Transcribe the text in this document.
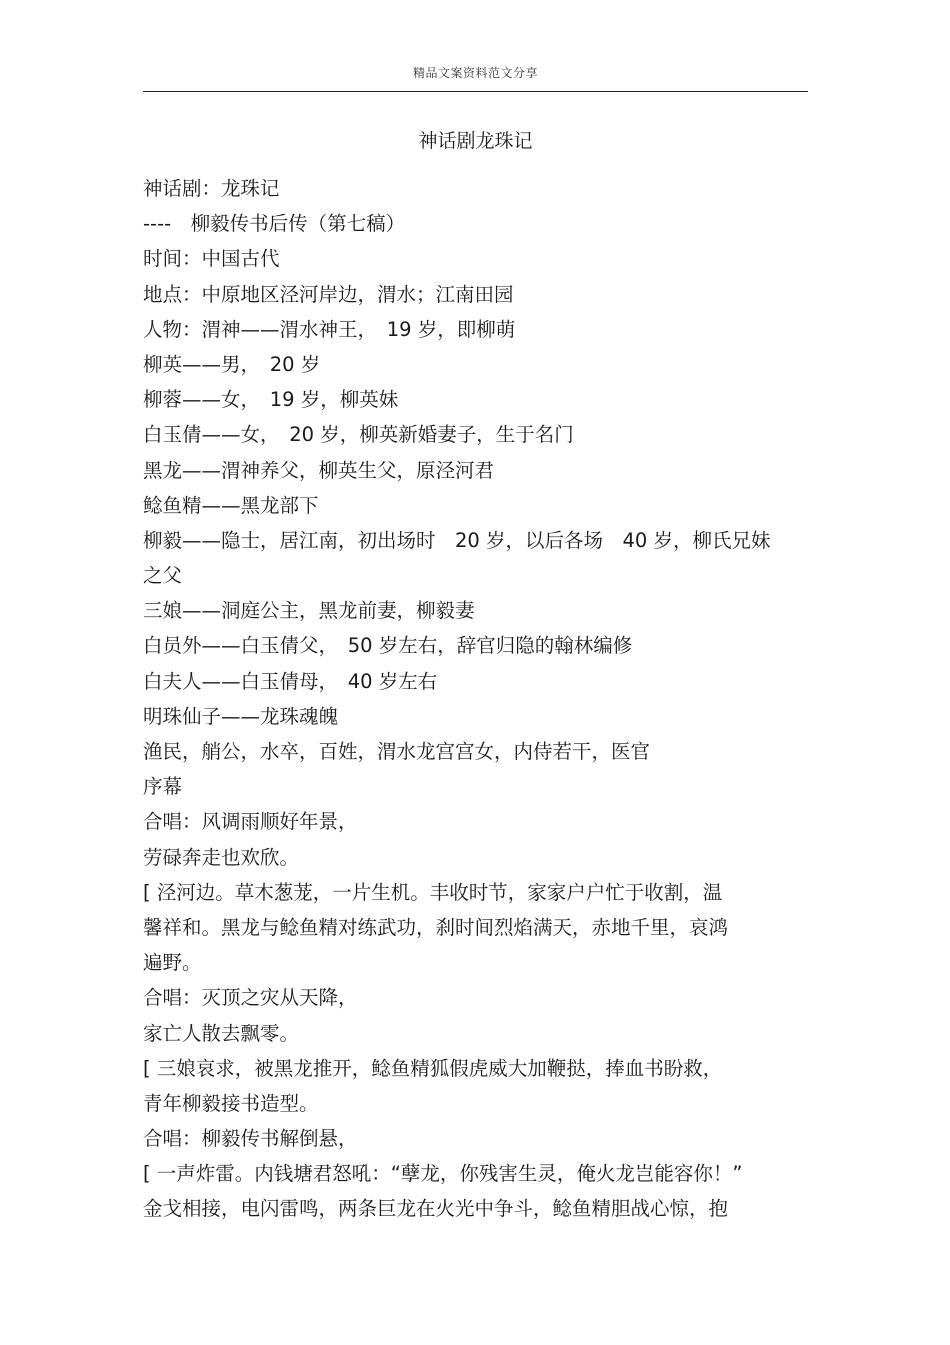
精品文案资料范文分享
神话剧龙珠记
神话剧：龙珠记
----　柳毅传书后传（第七稿）
时间：中国古代
地点：中原地区泾河岸边，渭水；江南田园
人物：渭神——渭水神王，　19 岁，即柳萌
柳英——男，　20 岁
柳蓉——女，　19 岁，柳英妹
白玉倩——女，　20 岁，柳英新婚妻子，生于名门
黑龙——渭神养父，柳英生父，原泾河君
鲶鱼精——黑龙部下
柳毅——隐士，居江南，初出场时　20 岁，以后各场　40 岁，柳氏兄妹
之父
三娘——洞庭公主，黑龙前妻，柳毅妻
白员外——白玉倩父，　50 岁左右，辞官归隐的翰林编修
白夫人——白玉倩母，　40 岁左右
明珠仙子——龙珠魂魄
渔民，艄公，水卒，百姓，渭水龙宫宫女，内侍若干，医官
序幕
合唱：风调雨顺好年景，
劳碌奔走也欢欣。
[ 泾河边。草木葱茏，一片生机。丰收时节，家家户户忙于收割，温
馨祥和。黑龙与鲶鱼精对练武功，刹时间烈焰满天，赤地千里，哀鸿
遍野。
合唱：灭顶之灾从天降，
家亡人散去飘零。
[ 三娘哀求，被黑龙推开，鲶鱼精狐假虎威大加鞭挞，捧血书盼救，
青年柳毅接书造型。
合唱：柳毅传书解倒悬，
[ 一声炸雷。内钱塘君怒吼：“孽龙，你残害生灵，俺火龙岂能容你！”
金戈相接，电闪雷鸣，两条巨龙在火光中争斗，鲶鱼精胆战心惊，抱
